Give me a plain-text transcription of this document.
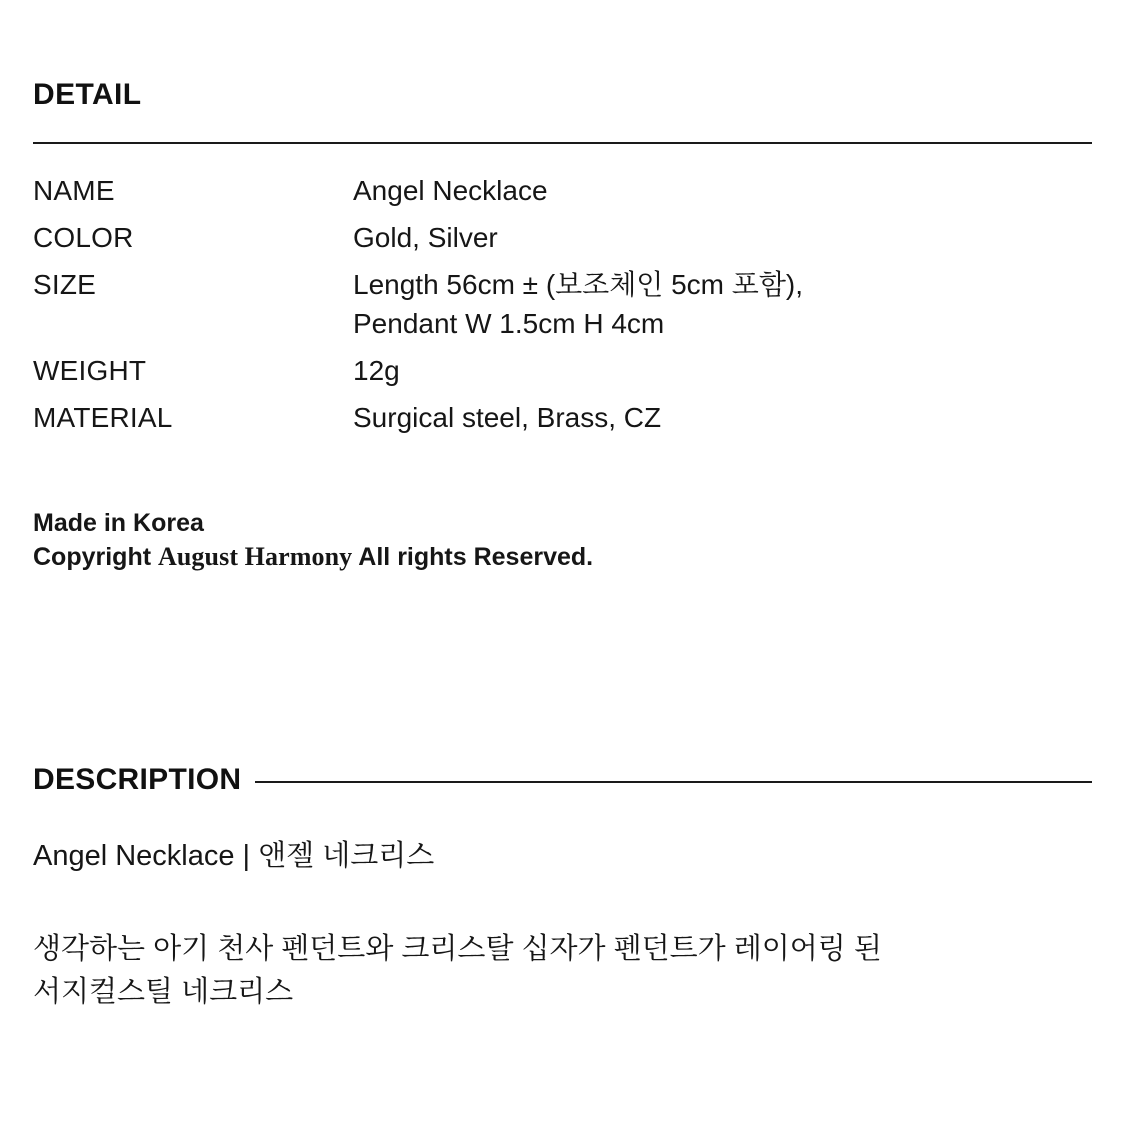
DETAIL
NAME	Angel Necklace
COLOR	Gold, Silver
SIZE	Length 56cm ± (보조체인 5cm 포함),
Pendant W 1.5cm H 4cm

WEIGHT	12g
MATERIAL	Surgical steel, Brass, CZ
Made in Korea
Copyright August Harmony All rights Reserved.
DESCRIPTION
Angel Necklace | 앤젤 네크리스
생각하는 아기 천사 펜던트와 크리스탈 십자가 펜던트가 레이어링 된
서지컬스틸 네크리스
